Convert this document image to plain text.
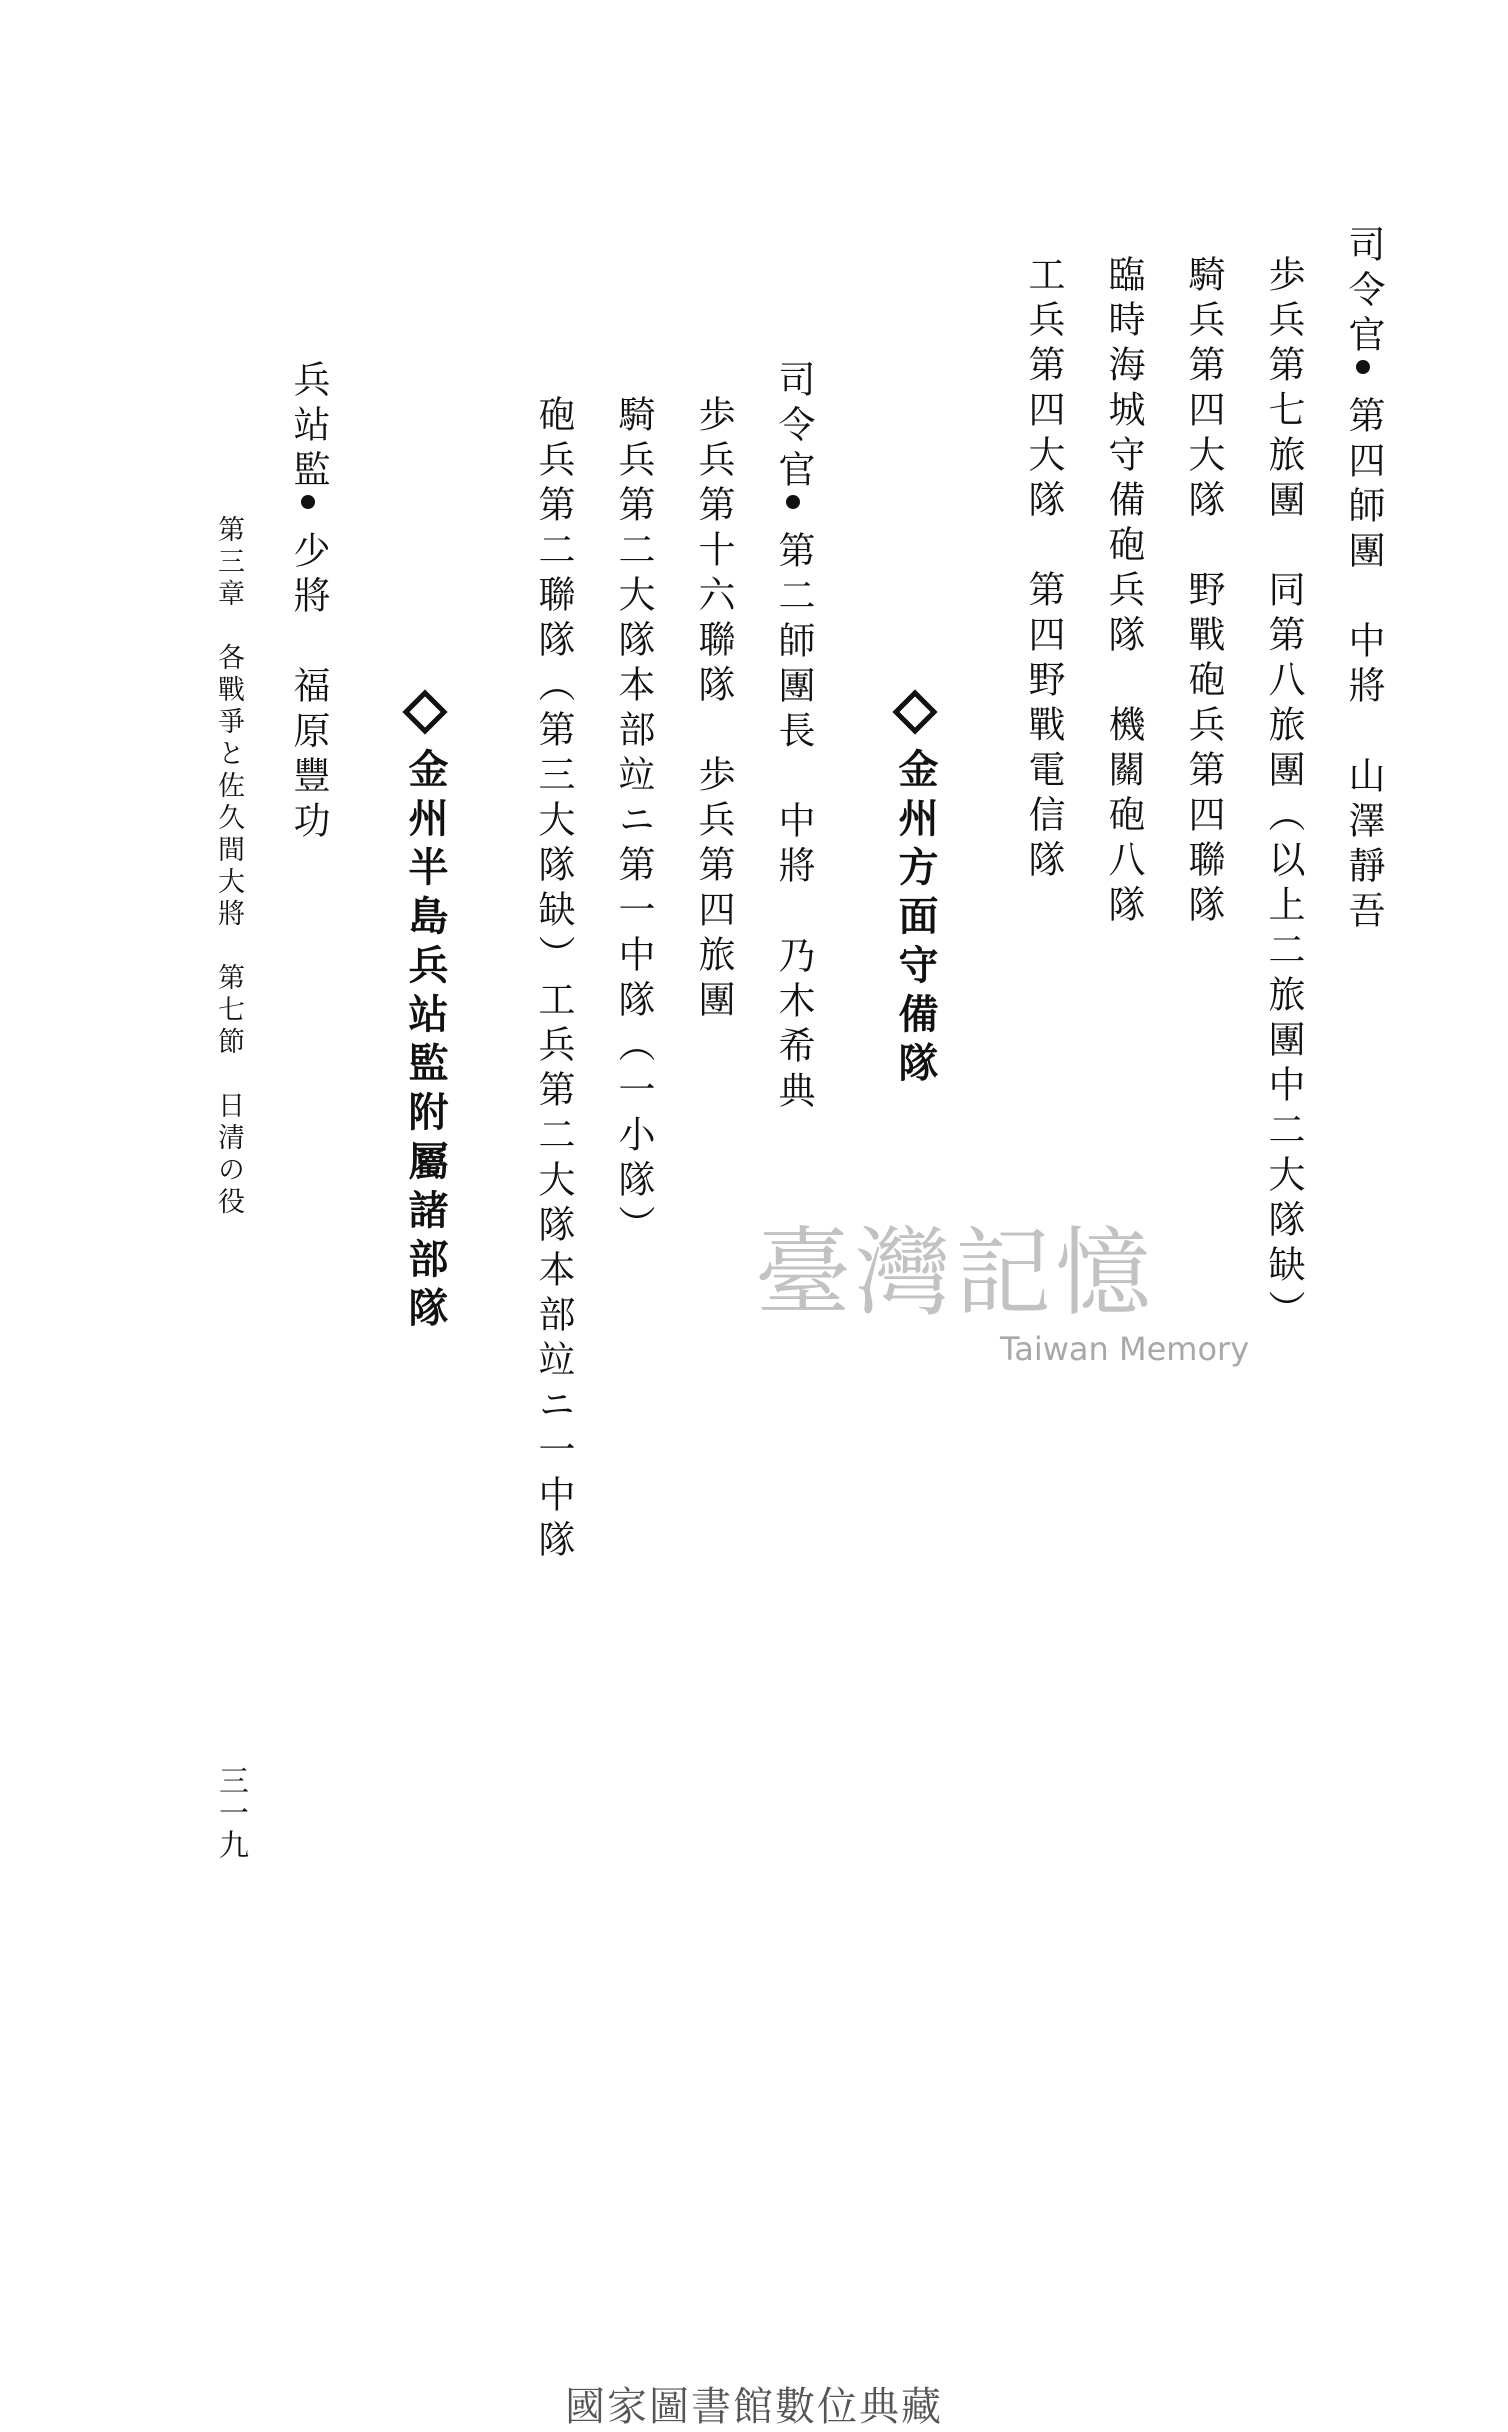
司令官第四師團　中將　山澤靜吾
歩兵第七旅團　同第八旅團（以上二旅團中二大隊缺）
騎兵第四大隊　野戰砲兵第四聯隊
臨時海城守備砲兵隊　機關砲八隊
工兵第四大隊　第四野戰電信隊
金州方面守備隊
司令官第二師團長　中將　乃木希典
歩兵第十六聯隊　歩兵第四旅團
騎兵第二大隊本部竝ニ第一中隊（一小隊）
砲兵第二聯隊（第三大隊缺）工兵第二大隊本部竝ニ一中隊
金州半島兵站監附屬諸部隊
兵站監少將　福原豐功
第三章　各戰爭と佐久間大將　第七節　日清の役
三一九
臺灣記憶
Taiwan Memory
國家圖書館數位典藏
